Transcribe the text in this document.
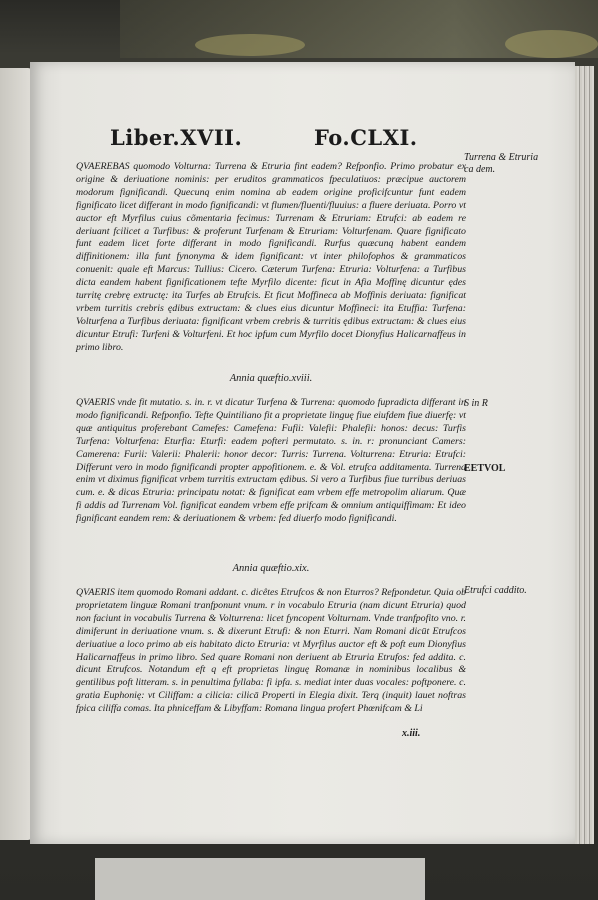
Liber.XVII.	Fo.CLXI.
Turrena & Etruria ca dem.
QVAEREBAS quomodo Volturna: Turrena & Etruria fint eadem? Refponfio. Primo probatur ex origine & deriuatione nominis: per eruditos grammaticos fpeculatiuos: præcipue auctorem modorum fignificandi. Quecunq enim nomina ab eadem origine proficifcuntur funt eadem fignificato licet differant in modo fignificandi: vt flumen/fluenti/fluuius: a fluere deriuata. Porro vt auctor eft Myrfilus cuius cõmentaria fecimus: Turrenam & Etruriam: Etrufci: ab eadem re deriuant fcilicet a Turfibus: & proferunt Turfenam & Etruriam: Volturfenam. Quare fignificato funt eadem licet forte differant in modo fignificandi. Rurfus quæcunq habent eandem diffinitionem: illa funt fynonyma & idem fignificant: vt inter philofophos & grammaticos conuenit: quale eft Marcus: Tullius: Cicero. Cæterum Turfena: Etruria: Volturfena: a Turfibus dicta eandem habent fignificationem tefte Myrfilo dicente: ficut in Afia Moffinę dicuntur ędes turritę crebrę extructę: ita Turfes ab Etrufcis. Et ficut Moffineca ab Moffinis deriuata: fignificat vrbem turritis crebris ędibus extructam: & clues eius dicuntur Moffineci: ita Etuffia: Turfena: Volturfena a Turfibus deriuata: fignificant vrbem crebris & turritis ędibus extructam: & clues eius dicuntur Etrufi: Turfeni & Volturfeni. Et hoc ipfum cum Myrfilo docet Dionyfius Halicarnaffeus in primo libro.
Annia quæftio.xviii.
S in R
EETVOL
QVAERIS vnde fit mutatio. s. in. r. vt dicatur Turfena & Turrena: quomodo fupradicta differant in modo fignificandi. Refponfio. Tefte Quintiliano fit a proprietate linguę fiue eiufdem fiue diuerfę: vt quæ antiquitus proferebant Camefes: Camefena: Fufii: Valefii: Phalefii: honos: decus: Turfis Turfena: Volturfena: Eturfia: Eturfi: eadem pofteri permutato. s. in. r: pronunciant Camers: Camerena: Furii: Valerii: Phalerii: honor decor: Turris: Turrena. Volturrena: Etruria: Etrufci: Differunt vero in modo fignificandi propter appofitionem. e. & Vol. etrufca additamenta. Turrena enim vt diximus fignificat vrbem turritis extructam ędibus. Si vero a Turfibus fiue turribus deriuas cum. e. & dicas Etruria: principatu notat: & fignificat eam vrbem effe metropolim aliarum. Quæ fi addis ad Turrenam Vol. fignificat eandem vrbem effe prifcam & omnium antiquiffimam: Et ideo fignificant eandem rem: & deriuationem & vrbem: fed diuerfo modo fignificandi.
Annia quæftio.xix.
Etrufci caddito.
QVAERIS item quomodo Romani addant. c. dicêtes Etrufcos & non Eturros? Refpondetur. Quia ob proprietatem linguæ Romani tranfponunt vnum. r in vocabulo Etruria (nam dicunt Etruria) quod non faciunt in vocabulis Turrena & Volturrena: licet fyncopent Volturnam. Vnde tranfpofito vno. r. dimiferunt in deriuatione vnum. s. & dixerunt Etrufi: & non Eturri. Nam Romani dicūt Etrufcos deriuatiue a loco primo ab eis habitato dicto Etruria: vt Myrfilus auctor eft & poft eum Dionyfius Halicarnaffeus in primo libro. Sed quare Romani non deriuent ab Etruria Etrufos: fed addita. c. dicunt Etrufcos. Notandum eft q eft proprietas linguę Romanæ in nominibus localibus & gentilibus poft litteram. s. in penultima fyllaba: fi ipfa. s. mediat inter duas vocales: poftponere. c. gratia Euphonię: vt Ciliffam: a cilicia: cilicā Properti in Elegia dixit. Terq (inquit) lauet noftras fpica ciliffa comas. Ita phniceffam & Libyffam: Romana lingua profert Phœnifcam & Li
x.iii.
